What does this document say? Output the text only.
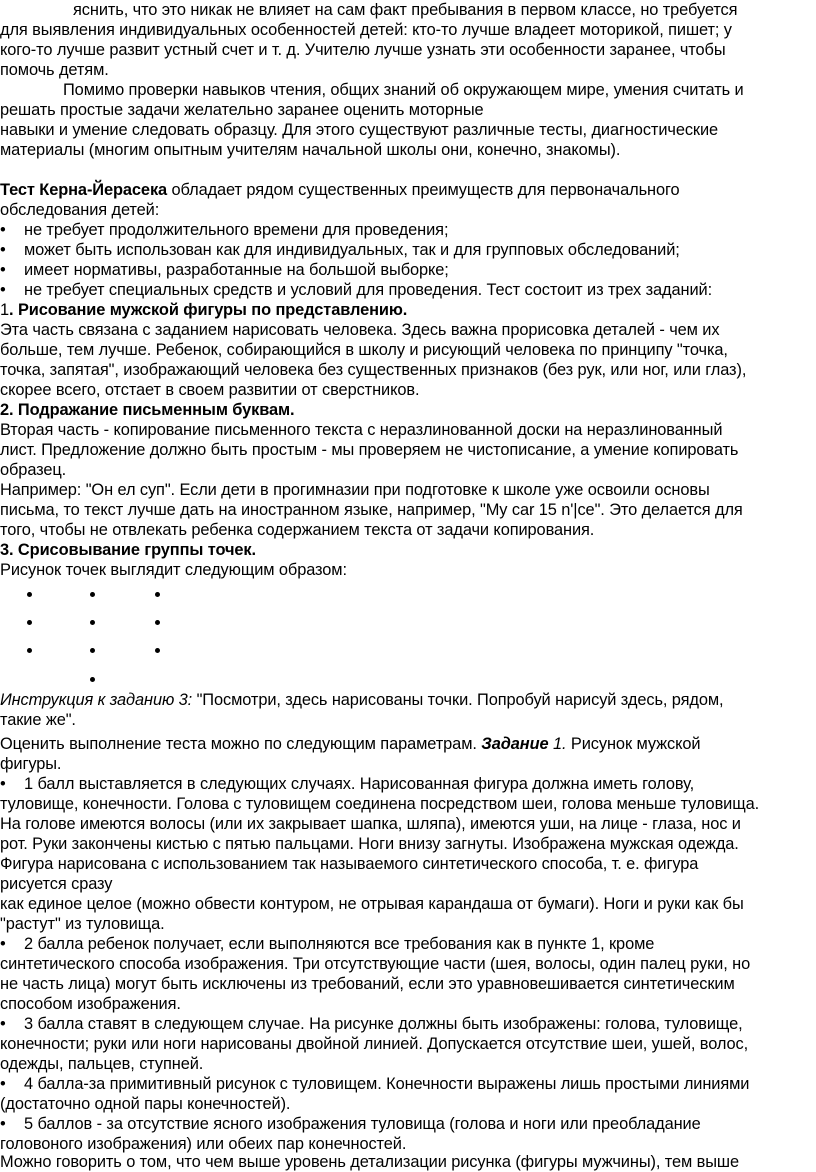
яснить, что это никак не влияет на сам факт пребывания в первом классе, но требуется
для выявления индивидуальных особенностей детей: кто-то лучше владеет моторикой, пишет; у
кого-то лучше развит устный счет и т. д. Учителю лучше узнать эти особенности заранее, чтобы
помочь детям.
Помимо проверки навыков чтения, общих знаний об окружающем мире, умения считать и
решать простые задачи желательно заранее оценить моторные
навыки и умение следовать образцу. Для этого существуют различные тесты, диагностические
материалы (многим опытным учителям начальной школы они, конечно, знакомы).
Тест Керна-Йерасека обладает рядом существенных преимуществ для первоначального
обследования детей:
• не требует продолжительного времени для проведения;
• может быть использован как для индивидуальных, так и для групповых обследований;
• имеет нормативы, разработанные на большой выборке;
• не требует специальных средств и условий для проведения. Тест состоит из трех заданий:
1. Рисование мужской фигуры по представлению.
Эта часть связана с заданием нарисовать человека. Здесь важна прорисовка деталей - чем их
больше, тем лучше. Ребенок, собирающийся в школу и рисующий человека по принципу "точка,
точка, запятая", изображающий человека без существенных признаков (без рук, или ног, или глаз),
скорее всего, отстает в своем развитии от сверстников.
2. Подражание письменным буквам.
Вторая часть - копирование письменного текста с неразлинованной доски на неразлинованный
лист. Предложение должно быть простым - мы проверяем не чистописание, а умение копировать
образец.
Например: "Он ел суп". Если дети в прогимназии при подготовке к школе уже освоили основы
письма, то текст лучше дать на иностранном языке, например, "My car 15 n'|ce". Это делается для
того, чтобы не отвлекать ребенка содержанием текста от задачи копирования.
3. Срисовывание группы точек.
Рисунок точек выглядит следующим образом:
Инструкция к заданию 3: "Посмотри, здесь нарисованы точки. Попробуй нарисуй здесь, рядом,
такие же".
Оценить выполнение теста можно по следующим параметрам. Задание 1. Рисунок мужской
фигуры.
• 1 балл выставляется в следующих случаях. Нарисованная фигура должна иметь голову,
туловище, конечности. Голова с туловищем соединена посредством шеи, голова меньше туловища.
На голове имеются волосы (или их закрывает шапка, шляпа), имеются уши, на лице - глаза, нос и
рот. Руки закончены кистью с пятью пальцами. Ноги внизу загнуты. Изображена мужская одежда.
Фигура нарисована с использованием так называемого синтетического способа, т. е. фигура
рисуется сразу
как единое целое (можно обвести контуром, не отрывая карандаша от бумаги). Ноги и руки как бы
"растут" из туловища.
• 2 балла ребенок получает, если выполняются все требования как в пункте 1, кроме
синтетического способа изображения. Три отсутствующие части (шея, волосы, один палец руки, но
не часть лица) могут быть исключены из требований, если это уравновешивается синтетическим
способом изображения.
• 3 балла ставят в следующем случае. На рисунке должны быть изображены: голова, туловище,
конечности; руки или ноги нарисованы двойной линией. Допускается отсутствие шеи, ушей, волос,
одежды, пальцев, ступней.
• 4 балла-за примитивный рисунок с туловищем. Конечности выражены лишь простыми линиями
(достаточно одной пары конечностей).
• 5 баллов - за отсутствие ясного изображения туловища (голова и ноги или преобладание
головоного изображения) или обеих пар конечностей.
Можно говорить о том, что чем выше уровень детализации рисунка (фигуры мужчины), тем выше
